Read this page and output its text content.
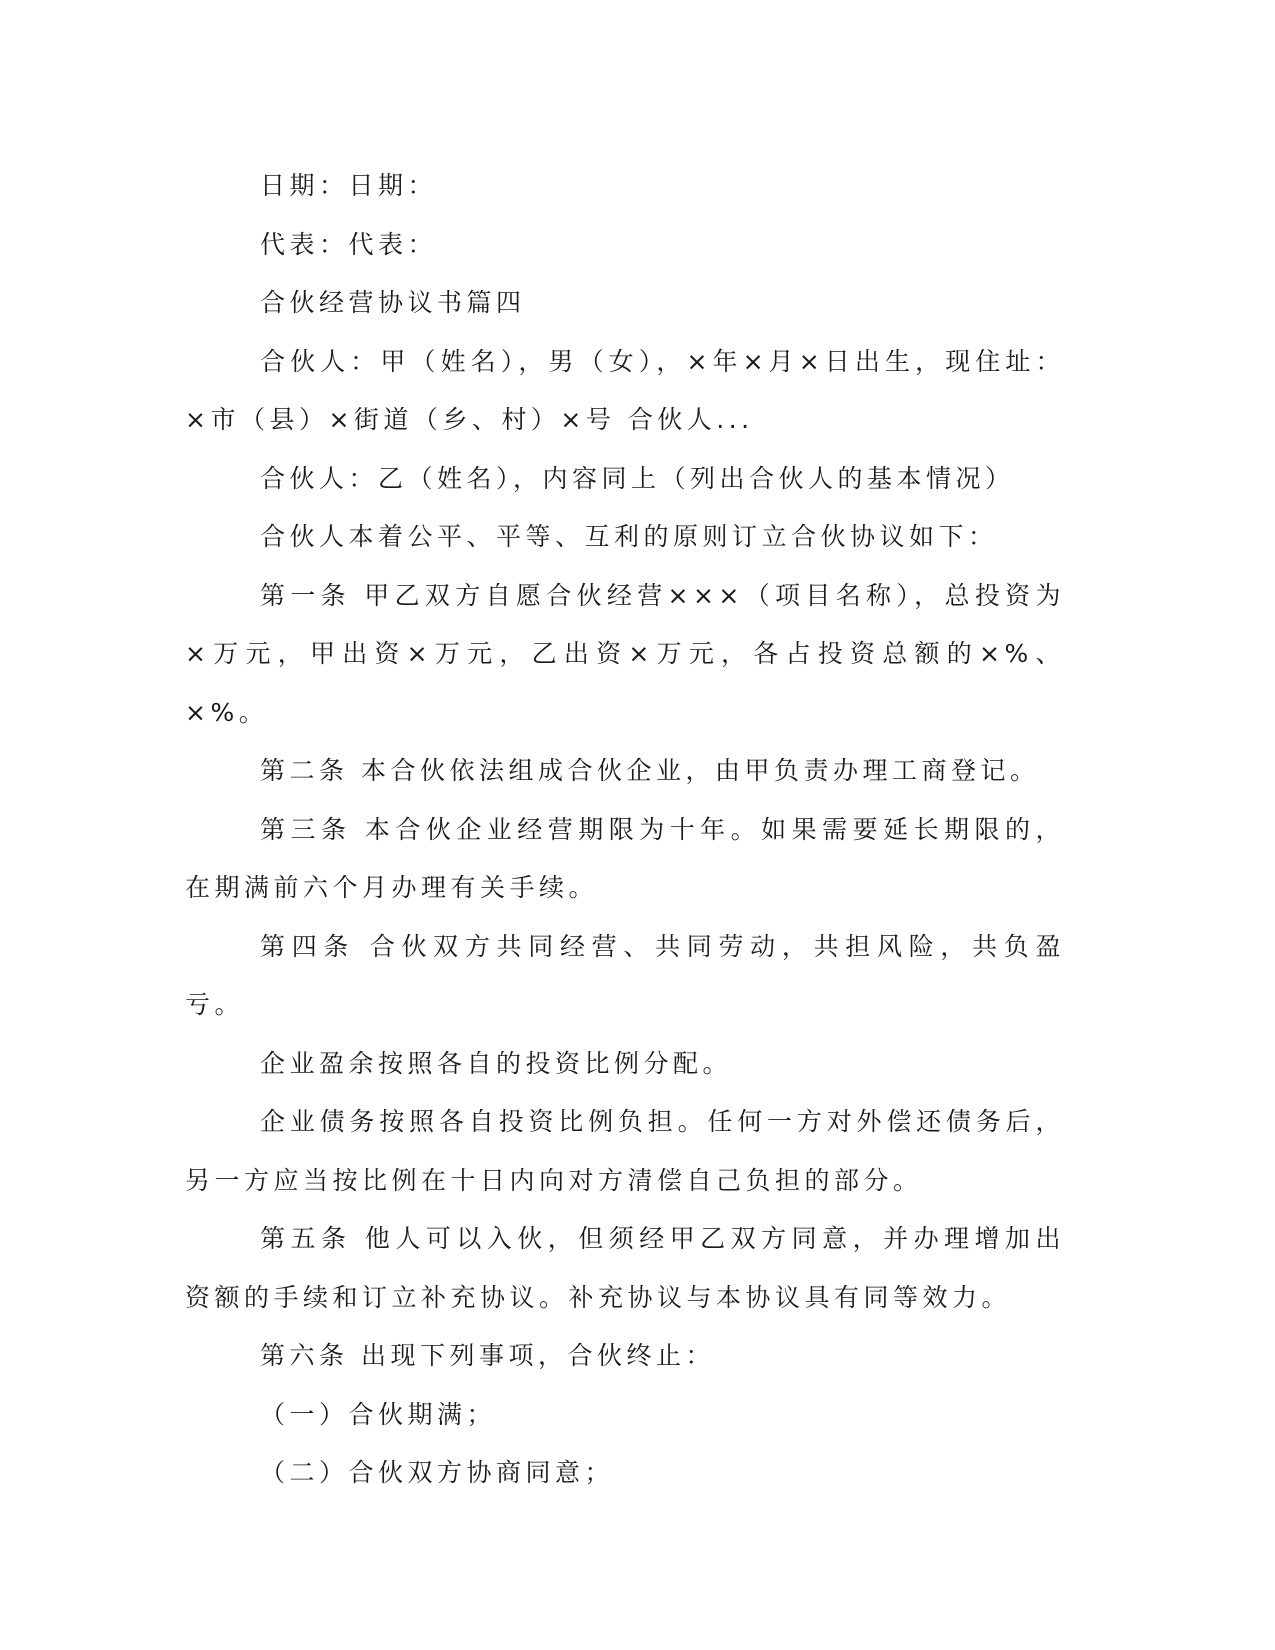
日期：日期：

代表：代表：

合伙经营协议书篇四

合伙人：甲（姓名），男（女），×年×月×日出生，现住址：×市（县）×街道（乡、村）×号 合伙人...

合伙人：乙（姓名），内容同上（列出合伙人的基本情况）

合伙人本着公平、平等、互利的原则订立合伙协议如下：

第一条 甲乙双方自愿合伙经营×××（项目名称），总投资为×万元，甲出资×万元，乙出资×万元，各占投资总额的×%、×%。

第二条 本合伙依法组成合伙企业，由甲负责办理工商登记。

第三条 本合伙企业经营期限为十年。如果需要延长期限的，在期满前六个月办理有关手续。

第四条 合伙双方共同经营、共同劳动，共担风险，共负盈亏。

企业盈余按照各自的投资比例分配。

企业债务按照各自投资比例负担。任何一方对外偿还债务后，另一方应当按比例在十日内向对方清偿自己负担的部分。

第五条 他人可以入伙，但须经甲乙双方同意，并办理增加出资额的手续和订立补充协议。补充协议与本协议具有同等效力。

第六条 出现下列事项，合伙终止：

（一）合伙期满；

（二）合伙双方协商同意；
